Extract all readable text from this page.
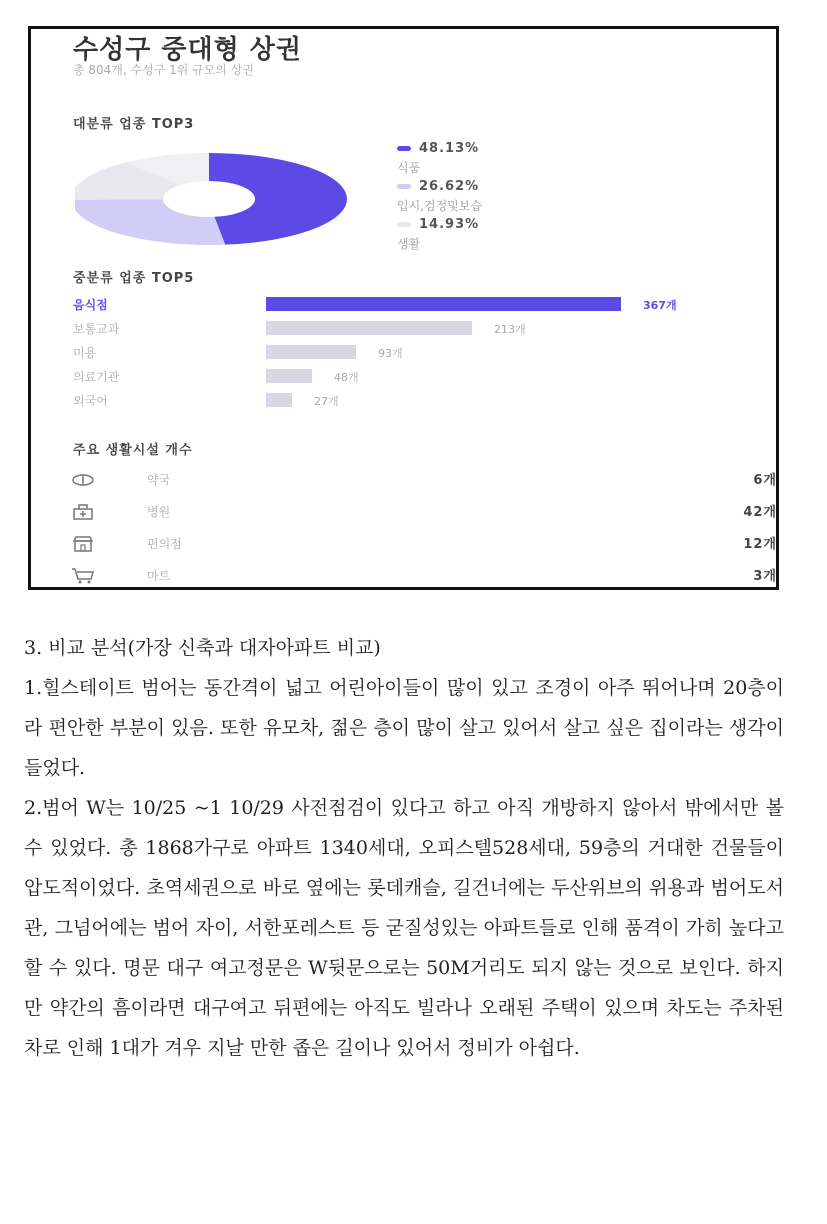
수성구 중대형 상권
총 804개, 수성구 1위 규모의 상권
대분류 업종 TOP3
48.13%
식품
26.62%
입시,검정및보습
14.93%
생활
중분류 업종 TOP5
음식점	367개
보통교과	213개
미용	93개
의료기관	48개
외국어	27개
주요 생활시설 개수
약국	6개
병원	42개
편의점	12개
마트	3개

3. 비교 분석(가장 신축과 대자아파트 비교)

1.힐스테이트 범어는 동간격이 넓고 어린아이들이 많이 있고 조경이 아주 뛰어나며 20층이라 편안한 부분이 있음. 또한 유모차, 젊은 층이 많이 살고 있어서 살고 싶은 집이라는 생각이 들었다.

2.범어 W는 10/25 ~1 10/29 사전점검이 있다고 하고 아직 개방하지 않아서 밖에서만 볼 수 있었다. 총 1868가구로 아파트 1340세대, 오피스텔528세대, 59층의 거대한 건물들이 압도적이었다. 초역세권으로 바로 옆에는 롯데캐슬, 길건너에는 두산위브의 위용과 범어도서관, 그넘어에는 범어 자이, 서한포레스트 등 굳질성있는 아파트들로 인해 품격이 가히 높다고 할 수 있다. 명문 대구 여고정문은 W뒷문으로는 50M거리도 되지 않는 것으로 보인다. 하지만 약간의 흠이라면 대구여고 뒤편에는 아직도 빌라나 오래된 주택이 있으며 차도는 주차된 차로 인해 1대가 겨우 지날 만한 좁은 길이나 있어서 정비가 아쉽다.
